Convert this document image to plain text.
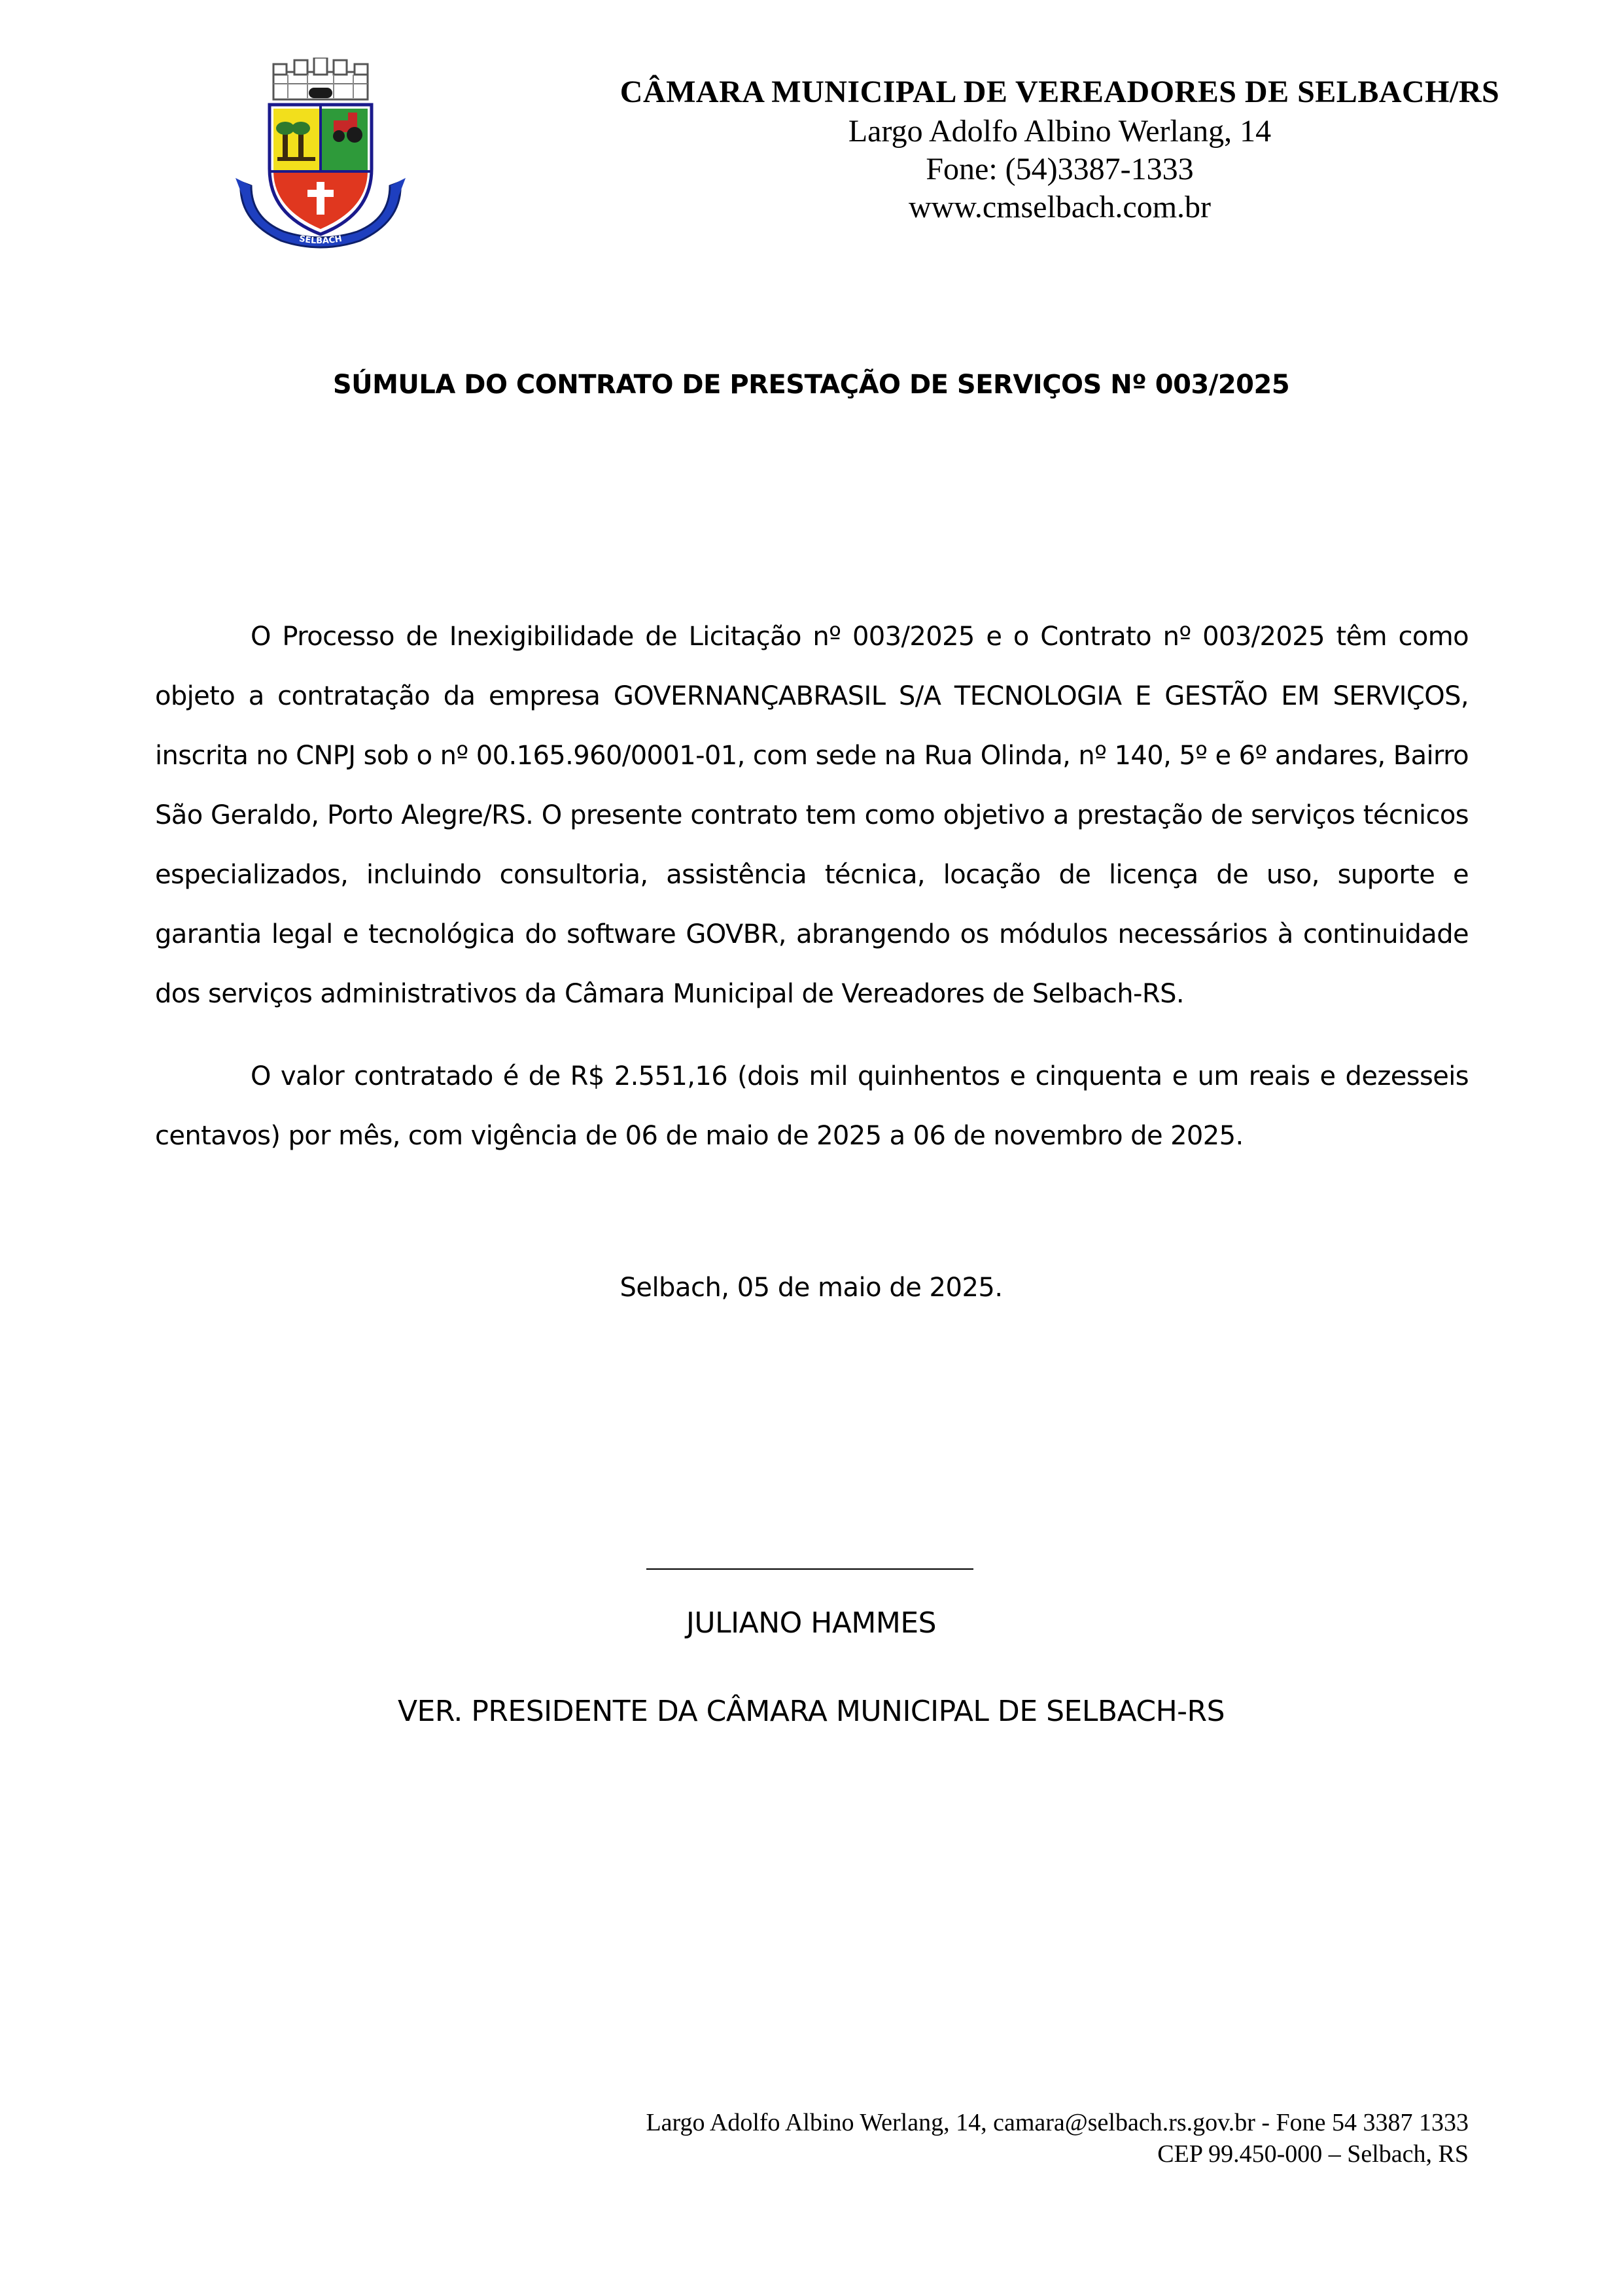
SELBACH
CÂMARA MUNICIPAL DE VEREADORES DE SELBACH/RS
Largo Adolfo Albino Werlang, 14
Fone: (54)3387-1333
www.cmselbach.com.br
SÚMULA DO CONTRATO DE PRESTAÇÃO DE SERVIÇOS Nº 003/2025

O Processo de Inexigibilidade de Licitação nº 003/2025 e o Contrato nº 003/2025 têm como objeto a contratação da empresa GOVERNANÇABRASIL S/A TECNOLOGIA E GESTÃO EM SERVIÇOS, inscrita no CNPJ sob o nº 00.165.960/0001-01, com sede na Rua Olinda, nº 140, 5º e 6º andares, Bairro São Geraldo, Porto Alegre/RS. O presente contrato tem como objetivo a prestação de serviços técnicos especializados, incluindo consultoria, assistência técnica, locação de licença de uso, suporte e garantia legal e tecnológica do software GOVBR, abrangendo os módulos necessários à continuidade dos serviços administrativos da Câmara Municipal de Vereadores de Selbach-RS.

O valor contratado é de R$ 2.551,16 (dois mil quinhentos e cinquenta e um reais e dezesseis centavos) por mês, com vigência de 06 de maio de 2025 a 06 de novembro de 2025.

Selbach, 05 de maio de 2025.
JULIANO HAMMES
VER. PRESIDENTE DA CÂMARA MUNICIPAL DE SELBACH-RS
Largo Adolfo Albino Werlang, 14, camara@selbach.rs.gov.br - Fone 54 3387 1333
CEP 99.450-000 – Selbach, RS
